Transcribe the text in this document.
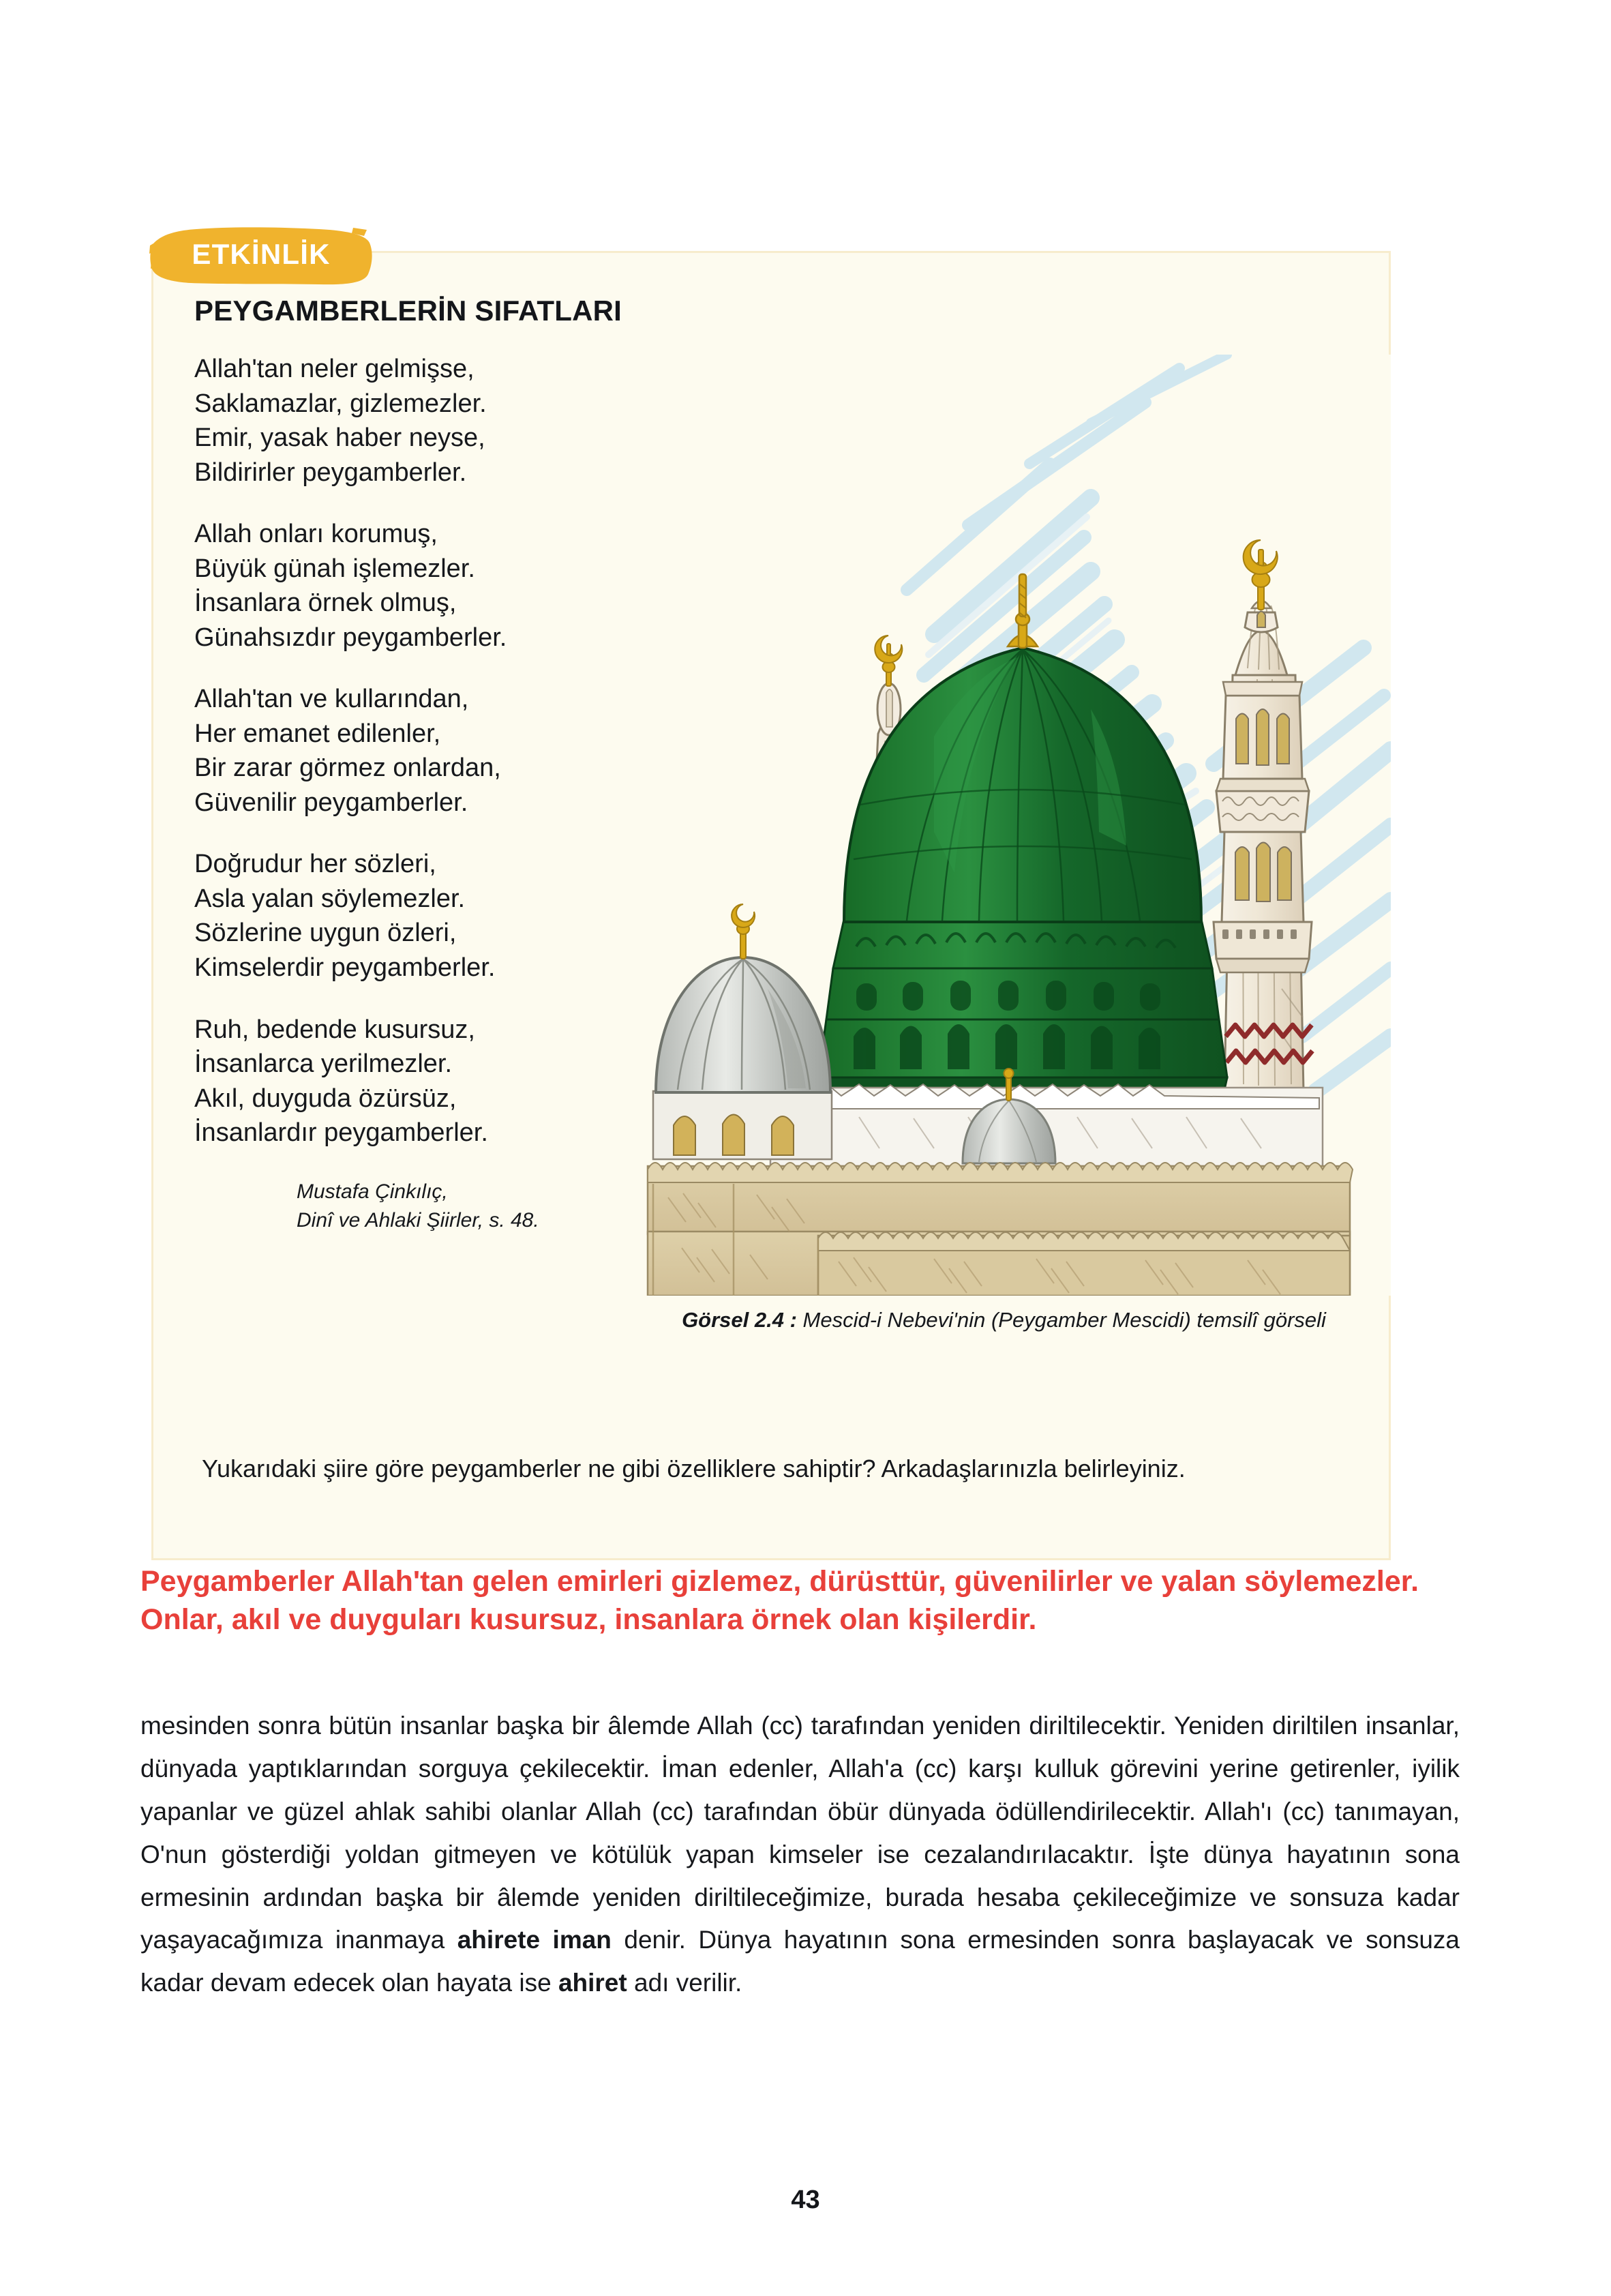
ETKİNLİK
PEYGAMBERLERİN SIFATLARI
Allah'tan neler gelmişse,
Saklamazlar, gizlemezler.
Emir, yasak haber neyse,
Bildirirler peygamberler.
Allah onları korumuş,
Büyük günah işlemezler.
İnsanlara örnek olmuş,
Günahsızdır peygamberler.
Allah'tan ve kullarından,
Her emanet edilenler,
Bir zarar görmez onlardan,
Güvenilir peygamberler.
Doğrudur her sözleri,
Asla yalan söylemezler.
Sözlerine uygun özleri,
Kimselerdir peygamberler.
Ruh, bedende kusursuz,
İnsanlarca yerilmezler.
Akıl, duyguda özürsüz,
İnsanlardır peygamberler.
Mustafa Çinkılıç,
Dinî ve Ahlaki Şiirler, s. 48.
Yukarıdaki şiire göre peygamberler ne gibi özelliklere sahiptir? Arkadaşlarınızla belirleyiniz.
Görsel 2.4 : Mescid-i Nebevi'nin (Peygamber Mescidi) temsilî görseli
Peygamberler Allah'tan gelen emirleri gizlemez, dürüsttür, güvenilirler ve yalan söylemezler. Onlar, akıl ve duyguları kusursuz, insanlara örnek olan kişilerdir.
mesinden sonra bütün insanlar başka bir âlemde Allah (cc) tarafından yeniden diriltilecektir. Yeniden diriltilen insanlar, dünyada yaptıklarından sorguya çekilecektir. İman edenler, Allah'a (cc) karşı kulluk görevini yerine getirenler, iyilik yapanlar ve güzel ahlak sahibi olanlar Allah (cc) tarafından öbür dünyada ödüllendirilecektir. Allah'ı (cc) tanımayan, O'nun gösterdiği yoldan gitmeyen ve kötülük yapan kimseler ise cezalandırılacaktır. İşte dünya hayatının sona ermesinin ardından başka bir âlemde yeniden diriltileceğimize, burada hesaba çekileceğimize ve sonsuza kadar yaşayacağımıza inanmaya ahirete iman denir. Dünya hayatının sona ermesinden sonra başlayacak ve sonsuza kadar devam edecek olan hayata ise ahiret adı verilir.
43
